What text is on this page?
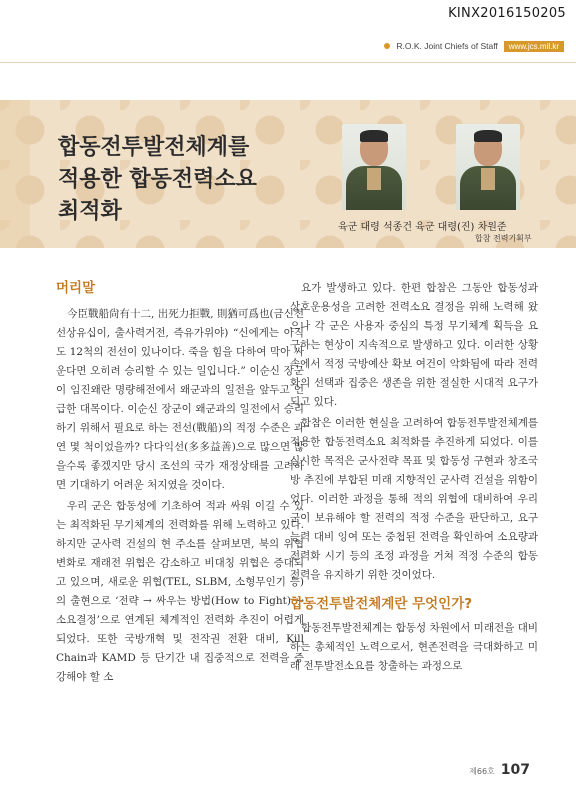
KINX2016150205
R.O.K. Joint Chiefs of Staff	www.jcs.mil.kr
합동전투발전체계를
적용한 합동전력소요
최적화
육군 대령 석종건 육군 대령(진) 차원준
합참 전력기획부
머리말

今臣戰船尙有十二, 出死力拒戰, 則猶可爲也(금신전선상유십이, 출사력거전, 즉유가위야) “신에게는 아직도 12척의 전선이 있나이다. 죽을 힘을 다하여 막아 싸운다면 오히려 승리할 수 있는 일입니다.” 이순신 장군이 임진왜란 명량해전에서 왜군과의 일전을 앞두고 언급한 대목이다. 이순신 장군이 왜군과의 일전에서 승리하기 위해서 필요로 하는 전선(戰船)의 적정 수준은 과연 몇 척이었을까? 다다익선(多多益善)으로 많으면 많을수록 좋겠지만 당시 조선의 국가 재정상태를 고려하면 기대하기 어려운 처지였을 것이다.

우리 군은 합동성에 기초하여 적과 싸워 이길 수 있는 최적화된 무기체계의 전력화를 위해 노력하고 있다. 하지만 군사력 건설의 현 주소를 살펴보면, 북의 위협 변화로 재래전 위협은 감소하고 비대칭 위협은 증대되고 있으며, 새로운 위협(TEL, SLBM, 소형무인기 등)의 출현으로 ‘전략 → 싸우는 방법(How to Fight) → 소요결정’으로 연계된 체계적인 전력화 추진이 어렵게 되었다. 또한 국방개혁 및 전작권 전환 대비, Kill Chain과 KAMD 등 단기간 내 집중적으로 전력을 증강해야 할 소

요가 발생하고 있다. 한편 합참은 그동안 합동성과 상호운용성을 고려한 전력소요 결정을 위해 노력해 왔으나 각 군은 사용자 중심의 특정 무기체계 획득을 요구하는 현상이 지속적으로 발생하고 있다. 이러한 상황 속에서 적정 국방예산 확보 여건이 악화됨에 따라 전력화의 선택과 집중은 생존을 위한 절실한 시대적 요구가 되고 있다.

합참은 이러한 현실을 고려하여 합동전투발전체계를 적용한 합동전력소요 최적화를 추진하게 되었다. 이를 실시한 목적은 군사전략 목표 및 합동성 구현과 창조국방 추진에 부합된 미래 지향적인 군사력 건설을 위함이었다. 이러한 과정을 통해 적의 위협에 대비하여 우리 군이 보유해야 할 전력의 적정 수준을 판단하고, 요구능력 대비 잉여 또는 중첩된 전력을 확인하여 소요량과 전력화 시기 등의 조정 과정을 거쳐 적정 수준의 합동전력을 유지하기 위한 것이었다.

합동전투발전체계란 무엇인가?

합동전투발전체계는 합동성 차원에서 미래전을 대비하는 총체적인 노력으로서, 현존전력을 극대화하고 미래 전투발전소요를 창출하는 과정으로

제66호 107
